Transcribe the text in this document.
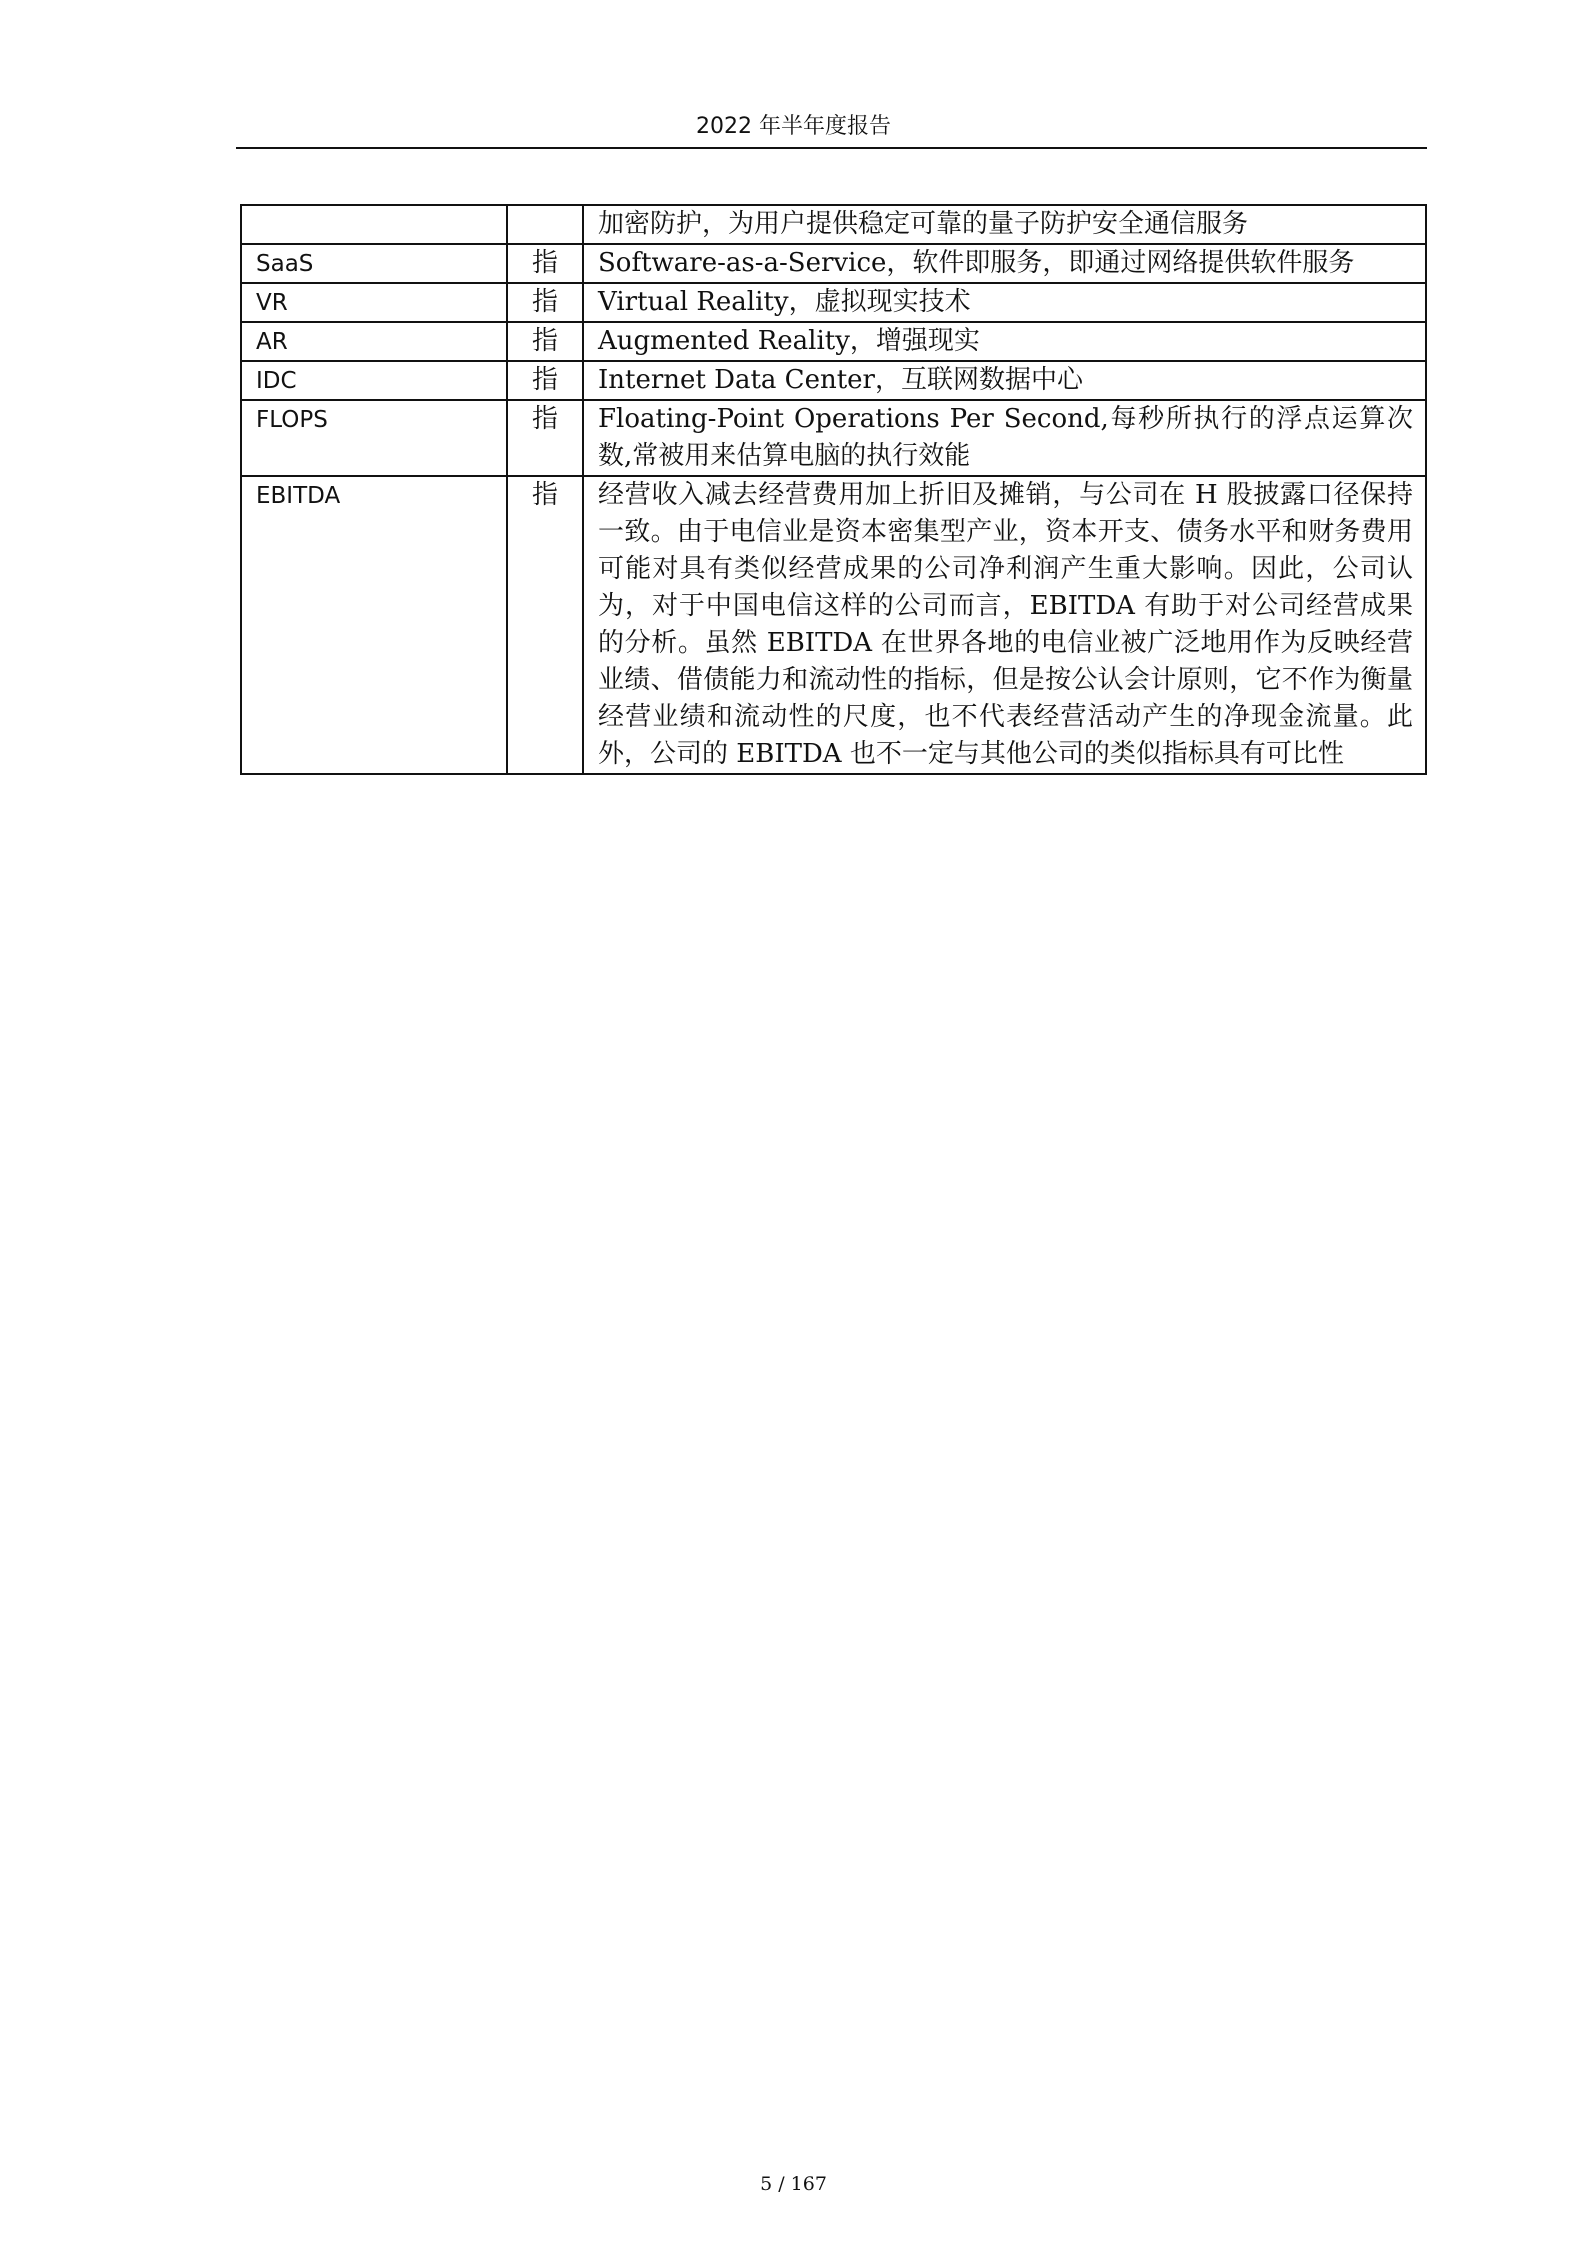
2022 年半年度报告
		加密防护，为用户提供稳定可靠的量子防护安全通信服务
SaaS	指	Software-as-a-Service，软件即服务，即通过网络提供软件服务
VR	指	Virtual Reality，虚拟现实技术
AR	指	Augmented Reality，增强现实
IDC	指	Internet Data Center，互联网数据中心
FLOPS	指	Floating-Point Operations Per Second,每秒所执行的浮点运算次数,常被用来估算电脑的执行效能
EBITDA	指	经营收入减去经营费用加上折旧及摊销，与公司在 H 股披露口径保持一致。由于电信业是资本密集型产业，资本开支、债务水平和财务费用可能对具有类似经营成果的公司净利润产生重大影响。因此，公司认为，对于中国电信这样的公司而言，EBITDA 有助于对公司经营成果的分析。虽然 EBITDA 在世界各地的电信业被广泛地用作为反映经营业绩、借债能力和流动性的指标，但是按公认会计原则，它不作为衡量经营业绩和流动性的尺度，也不代表经营活动产生的净现金流量。此外，公司的 EBITDA 也不一定与其他公司的类似指标具有可比性
5 / 167
